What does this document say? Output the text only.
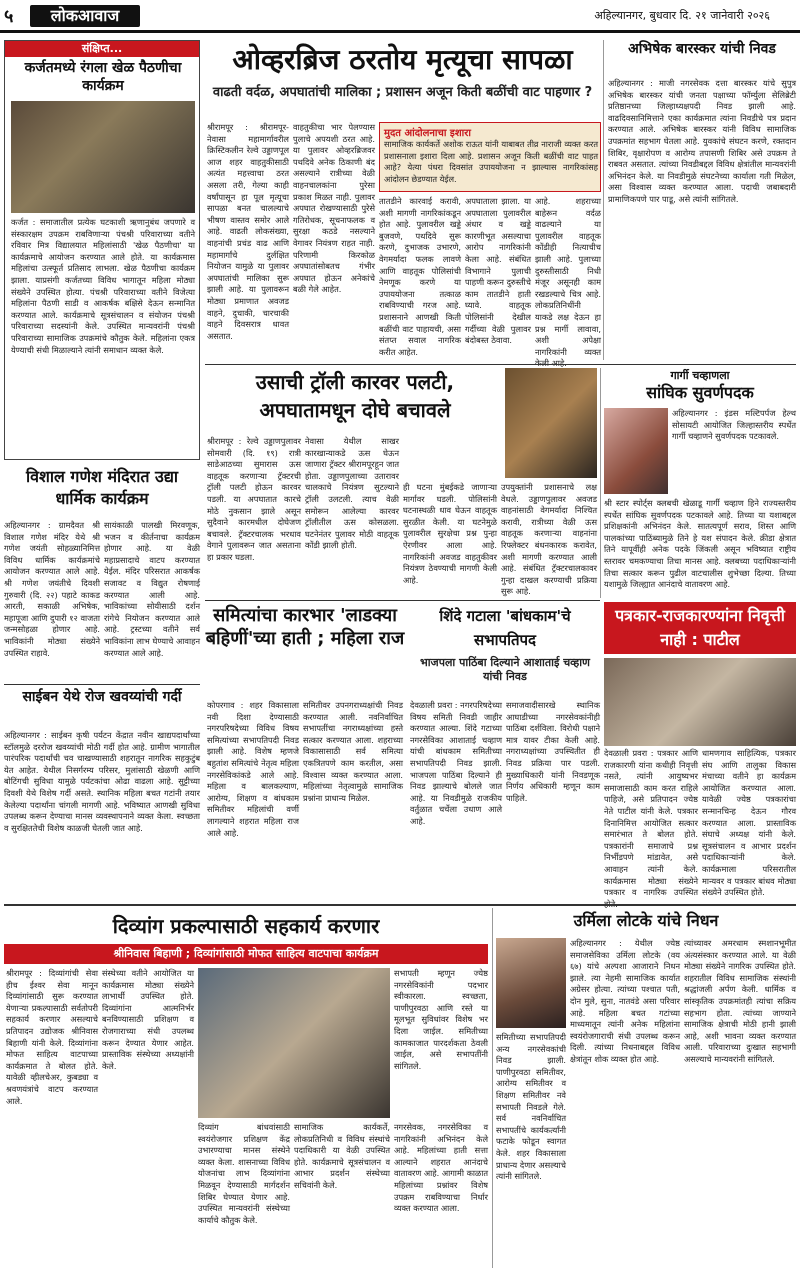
५	लोकआवाज	अहिल्यानगर, बुधवार दि. २१ जानेवारी २०२६
संक्षिप्त...
कर्जतमध्ये रंगला खेळ पैठणीचा कार्यक्रम
कर्जत : समाजातील प्रत्येक घटकाशी ऋणानुबंध जपणारे व संस्कारक्षम उपक्रम राबविणाऱ्या पंचश्री परिवाराच्या वतीने रविवार मित्र विद्यालयात महिलांसाठी 'खेळ पैठणीचा' या कार्यक्रमाचे आयोजन करण्यात आले होते. या कार्यक्रमास महिलांचा उत्स्फूर्त प्रतिसाद लाभला. खेळ पैठणीचा कार्यक्रम झाला. याप्रसंगी कर्जतच्या विविध भागातून महिला मोठ्या संख्येने उपस्थित होत्या. पंचश्री परिवाराच्या वतीने विजेत्या महिलांना पैठणी साडी व आकर्षक बक्षिसे देऊन सन्मानित करण्यात आले. कार्यक्रमाचे सूत्रसंचालन व संयोजन पंचश्री परिवाराच्या सदस्यांनी केले. उपस्थित मान्यवरांनी पंचश्री परिवाराच्या सामाजिक उपक्रमांचे कौतुक केले. महिलांना एकत्र येण्याची संधी मिळाल्याने त्यांनी समाधान व्यक्त केले.
ओव्हरब्रिज ठरतोय मृत्यूचा सापळा
वाढती वर्दळ, अपघातांची मालिका ; प्रशासन अजून किती बळींची वाट पाहणार ?
श्रीरामपूर : श्रीरामपूर-नेवासा महामार्गावरील क्रिस्टिकलीन रेल्वे उड्डाणपूल आज शहर वाहतुकीसाठी अत्यंत महत्त्वाचा ठरत असला तरी, गेल्या काही वर्षांपासून हा पूल मृत्यूचा सापळा बनत चालल्याचे भीषण वास्तव समोर आले आहे. वाढती लोकसंख्या, वाहनांची प्रचंड वाढ आणि महामार्गांचे दुर्लक्षित नियोजन यामुळे या पुलावर अपघातांची मालिका सुरू झाली आहे. या पुलावरून मोठ्या प्रमाणात अवजड वाहने, दुचाकी, चारचाकी वाहने दिवसरात्र धावत असतात.
वाहतुकीचा भार पेलण्यास पुलाचे अपयशी ठरत आहे. या पुलावर ओव्हरब्रिजवर पथदिवे अनेक ठिकाणी बंद असल्याने रात्रीच्या वेळी वाहनचालकांना पुरेसा प्रकाश मिळत नाही. पुलावर अपघात रोखण्यासाठी पुरेसे गतिरोधक, सूचनाफलक व सुरक्षा कठडे नसल्याने वेगावर नियंत्रण राहत नाही. परिणामी किरकोळ अपघातांसोबतच गंभीर अपघात होऊन अनेकांचे बळी गेले आहेत.
तातडीने कारवाई करावी, अशी मागणी नागरिकांकडून होत आहे. पुलावरील खड्डे बुजवणे, पथदिवे सुरू करणे, दुभाजक उभारणे, वेगमर्यादा फलक लावणे आणि वाहतूक पोलिसांची नेमणूक करणे या उपाययोजना तत्काळ राबविण्याची गरज आहे. प्रशासनाने आणखी किती बळींची वाट पाहायची, असा संतप्त सवाल नागरिक करीत आहेत.
मुदत आंदोलनाचा इशारा
सामाजिक कार्यकर्ते अशोक राऊत यांनी याबाबत तीव्र नाराजी व्यक्त करत प्रशासनाला इशारा दिला आहे. प्रशासन अजून किती बळींची वाट पाहत आहे? येत्या पंधरा दिवसांत उपाययोजना न झाल्यास नागरिकांसह आंदोलन छेडण्यात येईल.
अपघाताला झाला. या अपघाताला पुलावरील अंधार व खड्डे कारणीभूत असल्याचा आरोप नागरिकांनी केला आहे. संबंधित विभागाने पुलाची पाहणी करून दुरुस्तीचे काम तातडीने हाती घ्यावे. वाहतूक पोलिसांनी देखील गर्दीच्या वेळी पुलावर बंदोबस्त ठेवावा.
आहे. शहराच्या बाहेरून वर्दळ वाढल्याने या पुलावरील वाहतूक कोंडीही नित्याचीच झाली आहे. पुलाच्या दुरुस्तीसाठी निधी मंजूर असूनही काम रखडल्याचे चित्र आहे. लोकप्रतिनिधींनी याकडे लक्ष देऊन हा प्रश्न मार्गी लावावा, अशी अपेक्षा नागरिकांनी व्यक्त
अभिषेक बारस्कर यांची निवड
अहिल्यानगर : माजी नगरसेवक दत्ता बारस्कर यांचे सुपुत्र अभिषेक बारस्कर यांची जनता पक्षाच्या फॉर्म्युला सेलिब्रेटी प्रतिष्ठानच्या जिल्हाध्यक्षपदी निवड झाली आहे. वाढदिवसानिमित्ताने एका कार्यक्रमात त्यांना निवडीचे पत्र प्रदान करण्यात आले. अभिषेक बारस्कर यांनी विविध सामाजिक उपक्रमांत सहभाग घेतला आहे. युवकांचे संघटन करणे, रक्तदान शिबिर, वृक्षारोपण व आरोग्य तपासणी शिबिर असे उपक्रम ते राबवत असतात. त्यांच्या निवडीबद्दल विविध क्षेत्रांतील मान्यवरांनी अभिनंदन केले. या निवडीमुळे संघटनेच्या कार्याला गती मिळेल, असा विश्वास व्यक्त करण्यात आला. पदाची जबाबदारी प्रामाणिकपणे पार पाडू, असे त्यांनी सांगितले.
उसाची ट्रॉली कारवर पलटी, अपघातामधून दोघे बचावले
श्रीरामपूर : रेल्वे उड्डाणपुलावर सोमवारी (दि. १९) रात्री साडेआठच्या सुमारास ऊस वाहतूक करणाऱ्या ट्रॅक्टरची ट्रॉली पलटी होऊन कारवर पडली. या अपघातात कारचे मोठे नुकसान झाले असून सुदैवाने कारमधील दोघेजण बचावले. ट्रॅक्टरचालक भरधाव वेगाने पुलावरून जात असताना हा प्रकार घडला.
नेवासा येथील साखर कारखान्याकडे ऊस घेऊन जाणारा ट्रॅक्टर श्रीरामपूरहून जात होता. उड्डाणपुलाच्या उतारावर चालकाचे नियंत्रण सुटल्याने ट्रॉली उलटली. त्याच वेळी समोरून आलेल्या कारवर ट्रॉलीतील ऊस कोसळला. घटनेनंतर पुलावर मोठी वाहतूक कोंडी झाली होती.
ही घटना मुंबईकडे जाणाऱ्या मार्गावर घडली. पोलिसांनी घटनास्थळी धाव घेऊन वाहतूक सुरळीत केली. या घटनेमुळे पुलावरील सुरक्षेचा प्रश्न पुन्हा ऐरणीवर आला आहे. नागरिकांनी अवजड वाहतुकीवर नियंत्रण ठेवण्याची मागणी केली आहे.
उपयुक्तांनी प्रशासनाचे लक्ष वेधले. उड्डाणपुलावर अवजड वाहनांसाठी वेगमर्यादा निश्चित करावी, रात्रीच्या वेळी ऊस वाहतूक करणाऱ्या वाहनांना रिफ्लेक्टर बंधनकारक करावेत, अशी मागणी करण्यात आली आहे. संबंधित ट्रॅक्टरचालकावर गुन्हा दाखल करण्याची प्रक्रिया सुरू आहे.
गार्गी चव्हाणला
सांघिक सुवर्णपदक
अहिल्यानगर : इंडस मल्टिपर्पज हेल्थ सोसायटी आयोजित जिल्हास्तरीय स्पर्धेत गार्गी चव्हाणने सुवर्णपदक पटकावले.
श्री स्टार स्पोर्ट्स क्लबची खेळाडू गार्गी चव्हाण हिने राज्यस्तरीय स्पर्धेत सांघिक सुवर्णपदक पटकावले आहे. तिच्या या यशाबद्दल प्रशिक्षकांनी अभिनंदन केले. सातत्यपूर्ण सराव, शिस्त आणि पालकांच्या पाठिंब्यामुळे तिने हे यश संपादन केले. क्रीडा क्षेत्रात तिने यापूर्वीही अनेक पदके जिंकली असून भविष्यात राष्ट्रीय स्तरावर चमकण्याचा तिचा मानस आहे. क्लबच्या पदाधिकाऱ्यांनी तिचा सत्कार करून पुढील वाटचालीस शुभेच्छा दिल्या. तिच्या यशामुळे जिल्ह्यात आनंदाचे वातावरण आहे.
पत्रकार-राजकारण्यांना निवृत्ती नाही : पाटील
देवळाली प्रवरा : पत्रकार आणि राजकारणी यांना कधीही निवृत्ती नसते, त्यांनी आयुष्यभर समाजासाठी काम करत राहिले पाहिजे, असे प्रतिपादन ज्येष्ठ नेते पाटील यांनी केले. पत्रकार दिनानिमित्त आयोजित सत्कार समारंभात ते बोलत होते. पत्रकारांनी समाजाचे प्रश्न निर्भीडपणे मांडावेत, असे आवाहन त्यांनी केले. कार्यक्रमास मोठ्या संख्येने पत्रकार व नागरिक उपस्थित
धामणगाव साहित्यिक, पत्रकार संघ आणि तालुका विकास मंचाच्या वतीने हा कार्यक्रम आयोजित करण्यात आला. यावेळी ज्येष्ठ पत्रकारांचा सन्मानचिन्ह देऊन गौरव करण्यात आला. प्रास्ताविक संघाचे अध्यक्ष यांनी केले. सूत्रसंचालन व आभार प्रदर्शन पदाधिकाऱ्यांनी केले. कार्यक्रमाला परिसरातील मान्यवर व पत्रकार बांधव मोठ्या संख्येने उपस्थित होते.
विशाल गणेश मंदिरात उद्या धार्मिक कार्यक्रम
अहिल्यानगर : ग्रामदैवत श्री विशाल गणेश मंदिर येथे श्री गणेश जयंती सोहळ्यानिमित्त विविध धार्मिक कार्यक्रमांचे आयोजन करण्यात आले आहे. श्री गणेश जयंतीचे दिवशी गुरुवारी (दि. २२) पहाटे काकड आरती, सकाळी अभिषेक, महापूजा आणि दुपारी १२ वाजता जन्मसोहळा होणार आहे. भाविकांनी मोठ्या संख्येने उपस्थित राहावे.
सायंकाळी पालखी मिरवणूक, भजन व कीर्तनाचा कार्यक्रम होणार आहे. या वेळी महाप्रसादाचे वाटप करण्यात येईल. मंदिर परिसरात आकर्षक सजावट व विद्युत रोषणाई करण्यात आली आहे. भाविकांच्या सोयीसाठी दर्शन रांगेचे नियोजन करण्यात आले आहे. ट्रस्टच्या वतीने सर्व भाविकांना लाभ घेण्याचे आवाहन करण्यात आले आहे.
साईबन येथे रोज खवय्यांची गर्दी
अहिल्यानगर : साईबन कृषी पर्यटन केंद्रात नवीन खाद्यपदार्थांच्या स्टॉलमुळे दररोज खवय्यांची मोठी गर्दी होत आहे. ग्रामीण भागातील पारंपरिक पदार्थांची चव चाखण्यासाठी शहरातून नागरिक सहकुटुंब येत आहेत. येथील निसर्गरम्य परिसर, मुलांसाठी खेळणी आणि बोटिंगची सुविधा यामुळे पर्यटकांचा ओढा वाढला आहे. सुट्टीच्या दिवशी येथे विशेष गर्दी असते. स्थानिक महिला बचत गटांनी तयार केलेल्या पदार्थांना चांगली मागणी आहे. भविष्यात आणखी सुविधा उपलब्ध करून देण्याचा मानस व्यवस्थापनाने व्यक्त केला. स्वच्छता व सुरक्षिततेची विशेष काळजी घेतली जात आहे.
समित्यांचा कारभार 'लाडक्या बहिणीं'च्या हाती ; महिला राज
कोपरगाव : शहर विकासाला नवी दिशा देण्यासाठी नगरपरिषदेच्या विविध विषय समित्यांच्या सभापतिपदी निवड झाली आहे. विशेष म्हणजे बहुतांश समित्यांचे नेतृत्व महिला नगरसेविकांकडे आले आहे. महिला व बालकल्याण, आरोग्य, शिक्षण व बांधकाम समितीवर महिलांची वर्णी लागल्याने शहरात महिला राज आले आहे.
समितीवर उपनगराध्यक्षांची निवड करण्यात आली. नवनिर्वाचित सभापतींचा नगराध्यक्षांच्या हस्ते सत्कार करण्यात आला. शहराच्या विकासासाठी सर्व समित्या एकत्रितपणे काम करतील, असा विश्वास व्यक्त करण्यात आला. महिलांच्या नेतृत्वामुळे सामाजिक प्रश्नांना प्राधान्य मिळेल.
शिंदे गटाला 'बांधकाम'चे सभापतिपद
भाजपला पाठिंबा दिल्याने आशाताई चव्हाण यांची निवड
देवळाली प्रवरा : नगरपरिषदेच्या विषय समिती निवडी जाहीर करण्यात आल्या. शिंदे गटाच्या नगरसेविका आशाताई चव्हाण यांची बांधकाम समितीच्या सभापतिपदी निवड झाली. भाजपला पाठिंबा दिल्याने ही निवड झाल्याचे बोलले जात आहे. या निवडीमुळे राजकीय वर्तुळात चर्चेला उधाण आले आहे.
समाजवादीसारखे स्थानिक आघाडीच्या नगरसेवकांनीही पाठिंबा दर्शविला. विरोधी पक्षाने मात्र यावर टीका केली आहे. नगराध्यक्षांच्या उपस्थितीत ही निवड प्रक्रिया पार पडली. मुख्याधिकारी यांनी निवडणूक निर्णय अधिकारी म्हणून काम पाहिले.
दिव्यांग प्रकल्पासाठी सहकार्य करणार
श्रीनिवास बिहाणी ; दिव्यांगांसाठी मोफत साहित्य वाटपाचा कार्यक्रम
श्रीरामपूर : दिव्यांगांची सेवा हीच ईश्वर सेवा मानून दिव्यांगांसाठी सुरू करण्यात येणाऱ्या प्रकल्पासाठी सर्वतोपरी सहकार्य करणार असल्याचे प्रतिपादन उद्योजक श्रीनिवास बिहाणी यांनी केले. दिव्यांगांना मोफत साहित्य वाटपाच्या कार्यक्रमात ते बोलत होते. यावेळी व्हीलचेअर, कुबड्या व श्रवणयंत्रांचे वाटप करण्यात आले.
संस्थेच्या वतीने आयोजित या कार्यक्रमास मोठ्या संख्येने लाभार्थी उपस्थित होते. दिव्यांगांना आत्मनिर्भर बनविण्यासाठी प्रशिक्षण व रोजगाराच्या संधी उपलब्ध करून देण्यात येणार आहेत. प्रास्ताविक संस्थेच्या अध्यक्षांनी केले.
दिव्यांग बांधवांसाठी स्वयंरोजगार प्रशिक्षण केंद्र उभारण्याचा मानस संस्थेने व्यक्त केला. शासनाच्या विविध योजनांचा लाभ दिव्यांगांना मिळवून देण्यासाठी मार्गदर्शन शिबिर घेण्यात येणार आहे. उपस्थित मान्यवरांनी संस्थेच्या कार्याचे कौतुक केले.
सामाजिक कार्यकर्ते, लोकप्रतिनिधी व विविध संस्थांचे पदाधिकारी या वेळी उपस्थित होते. कार्यक्रमाचे सूत्रसंचालन व आभार प्रदर्शन संस्थेच्या सचिवांनी केले.
सभापती म्हणून ज्येष्ठ नगरसेविकांनी पदभार स्वीकारला. स्वच्छता, पाणीपुरवठा आणि रस्ते या मूलभूत सुविधांवर विशेष भर दिला जाईल. समितीच्या कामकाजात पारदर्शकता ठेवली जाईल, असे सभापतींनी सांगितले.
नगरसेवक, नगरसेविका व नागरिकांनी अभिनंदन केले आहे. महिलांच्या हाती सत्ता आल्याने शहरात आनंदाचे वातावरण आहे. आगामी काळात महिलांच्या प्रश्नांवर विशेष उपक्रम राबविण्याचा निर्धार व्यक्त करण्यात आला.
उर्मिला लोटके यांचे निधन
अहिल्यानगर : येथील ज्येष्ठ समाजसेविका उर्मिला लोटके (वय ६७) यांचे अल्पशा आजाराने निधन झाले. त्या नेहमी सामाजिक कार्यात अग्रेसर होत्या. त्यांच्या पश्चात पती, दोन मुले, सुना, नातवंडे असा परिवार आहे. महिला बचत गटांच्या माध्यमातून त्यांनी अनेक महिलांना स्वयंरोजगाराची संधी उपलब्ध करून दिली. त्यांच्या निधनाबद्दल विविध क्षेत्रांतून शोक व्यक्त होत आहे.
त्यांच्यावर अमरधाम स्मशानभूमीत अंत्यसंस्कार करण्यात आले. या वेळी मोठ्या संख्येने नागरिक उपस्थित होते. शहरातील विविध सामाजिक संस्थांनी श्रद्धांजली अर्पण केली. धार्मिक व सांस्कृतिक उपक्रमांतही त्यांचा सक्रिय सहभाग होता. त्यांच्या जाण्याने सामाजिक क्षेत्राची मोठी हानी झाली आहे, अशी भावना व्यक्त करण्यात आली. परिवाराच्या दुःखात सहभागी असल्याचे मान्यवरांनी सांगितले.
समितीच्या सभापतिपदी अन्य नगरसेवकांची निवड झाली. पाणीपुरवठा समितीवर, आरोग्य समितीवर व शिक्षण समितीवर नवे सभापती निवडले गेले. सर्व नवनिर्वाचित सभापतींचे कार्यकर्त्यांनी फटाके फोडून स्वागत केले. शहर विकासाला प्राधान्य देणार असल्याचे त्यांनी सांगितले.
